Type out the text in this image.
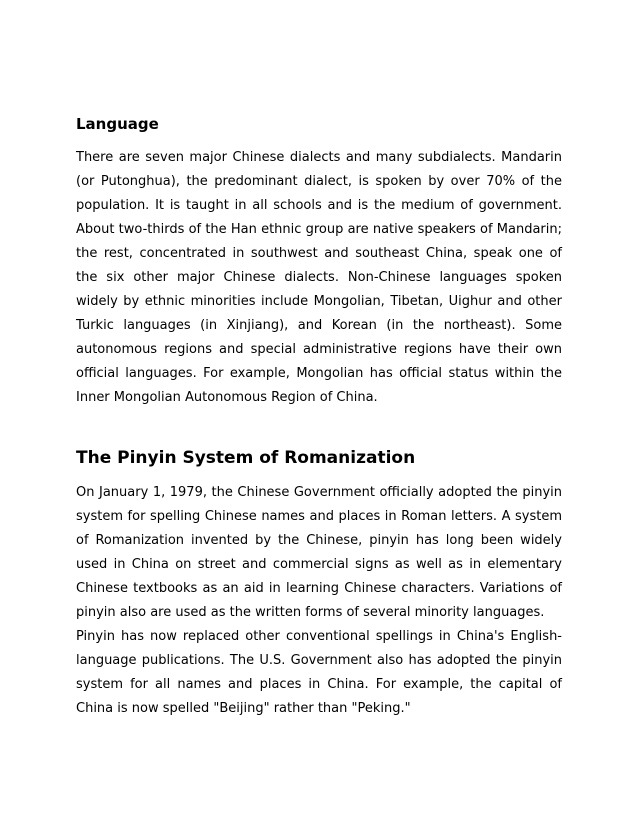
Language

There are seven major Chinese dialects and many subdialects. Mandarin (or Putonghua), the predominant dialect, is spoken by over 70% of the population. It is taught in all schools and is the medium of government. About two-thirds of the Han ethnic group are native speakers of Mandarin; the rest, concentrated in southwest and southeast China, speak one of the six other major Chinese dialects. Non-Chinese languages spoken widely by ethnic minorities include Mongolian, Tibetan, Uighur and other Turkic languages (in Xinjiang), and Korean (in the northeast). Some autonomous regions and special administrative regions have their own official languages. For example, Mongolian has official status within the Inner Mongolian Autonomous Region of China.

The Pinyin System of Romanization

On January 1, 1979, the Chinese Government officially adopted the pinyin system for spelling Chinese names and places in Roman letters. A system of Romanization invented by the Chinese, pinyin has long been widely used in China on street and commercial signs as well as in elementary Chinese textbooks as an aid in learning Chinese characters. Variations of pinyin also are used as the written forms of several minority languages.

Pinyin has now replaced other conventional spellings in China's English-language publications. The U.S. Government also has adopted the pinyin system for all names and places in China. For example, the capital of China is now spelled "Beijing" rather than "Peking."
